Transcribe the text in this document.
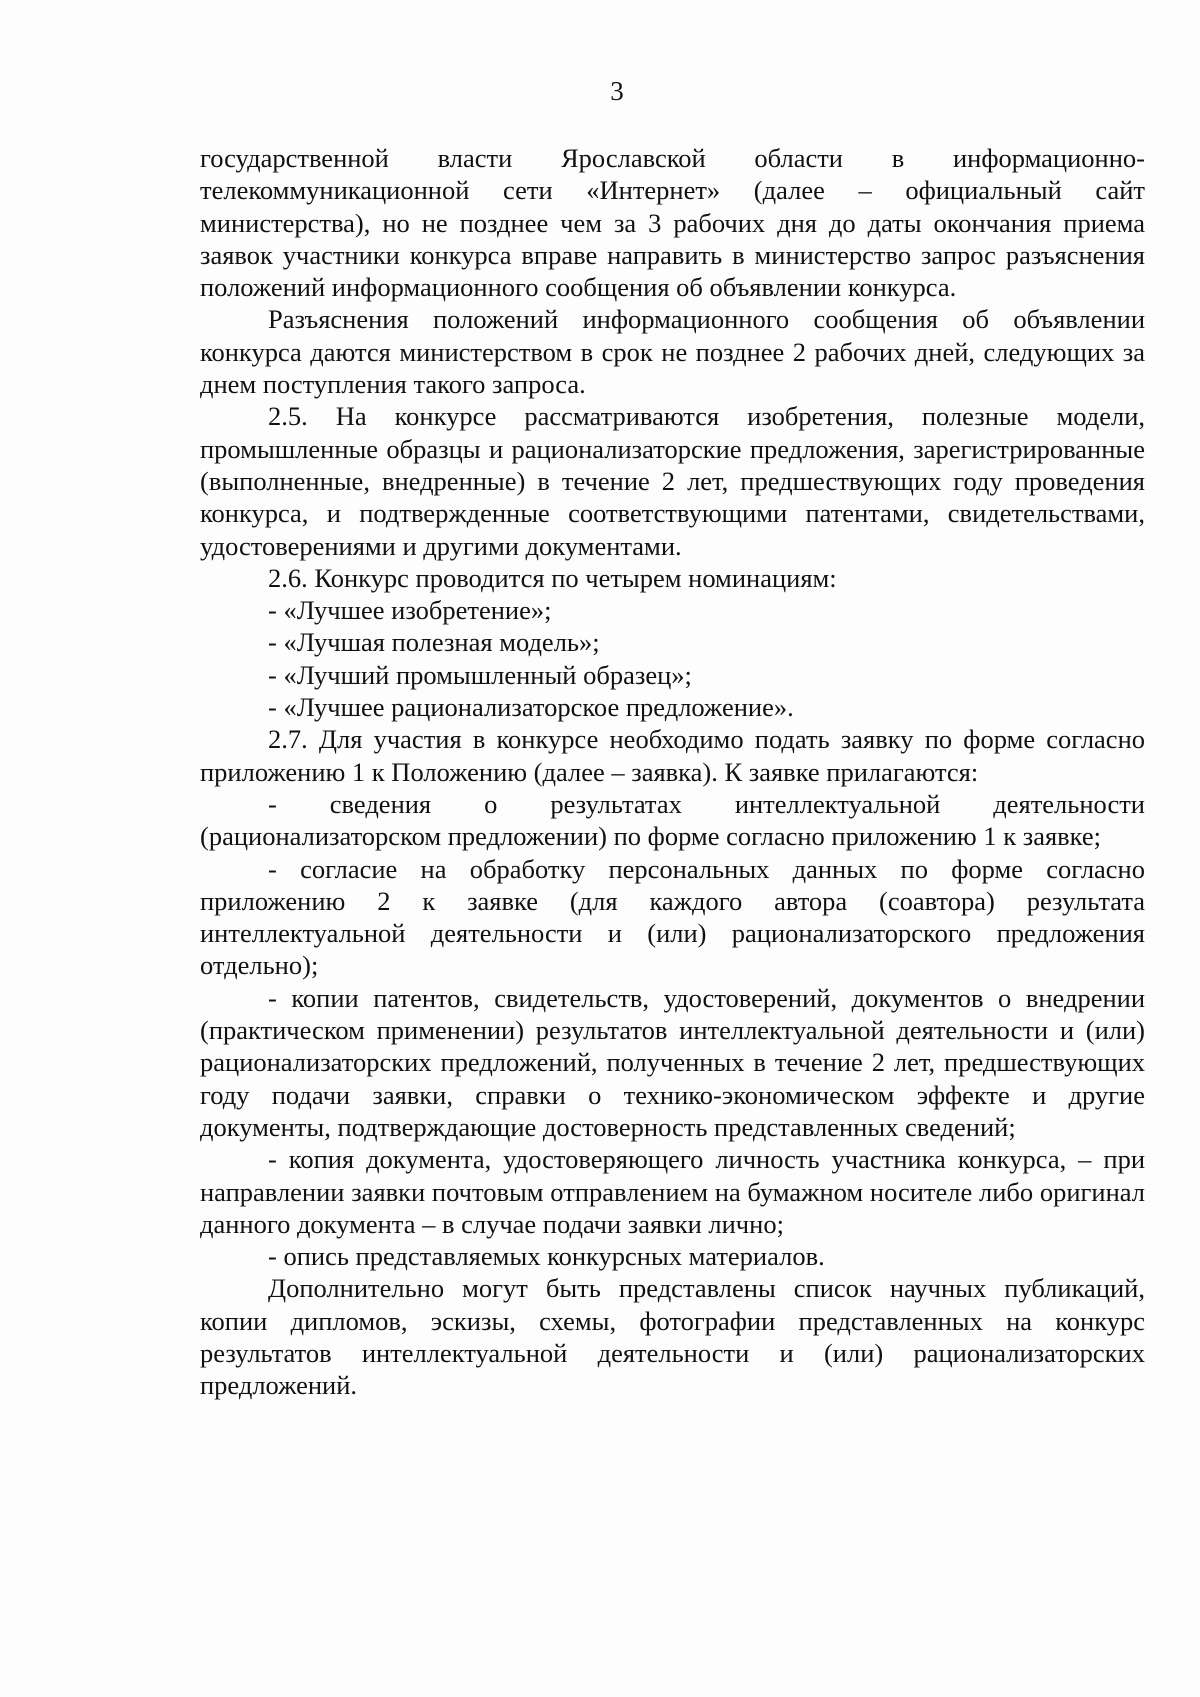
3

государственной власти Ярославской области в информационно-телекоммуникационной сети «Интернет» (далее – официальный сайт министерства), но не позднее чем за 3 рабочих дня до даты окончания приема заявок участники конкурса вправе направить в министерство запрос разъяснения положений информационного сообщения об объявлении конкурса.

Разъяснения положений информационного сообщения об объявлении конкурса даются министерством в срок не позднее 2 рабочих дней, следующих за днем поступления такого запроса.

2.5. На конкурсе рассматриваются изобретения, полезные модели, промышленные образцы и рационализаторские предложения, зарегистрированные (выполненные, внедренные) в течение 2 лет, предшествующих году проведения конкурса, и подтвержденные соответствующими патентами, свидетельствами, удостоверениями и другими документами.

2.6. Конкурс проводится по четырем номинациям:

- «Лучшее изобретение»;

- «Лучшая полезная модель»;

- «Лучший промышленный образец»;

- «Лучшее рационализаторское предложение».

2.7. Для участия в конкурсе необходимо подать заявку по форме согласно приложению 1 к Положению (далее – заявка). К заявке прилагаются:

- сведения о результатах интеллектуальной деятельности (рационализаторском предложении) по форме согласно приложению 1 к заявке;

- согласие на обработку персональных данных по форме согласно приложению 2 к заявке (для каждого автора (соавтора) результата интеллектуальной деятельности и (или) рационализаторского предложения отдельно);

- копии патентов, свидетельств, удостоверений, документов о внедрении (практическом применении) результатов интеллектуальной деятельности и (или) рационализаторских предложений, полученных в течение 2 лет, предшествующих году подачи заявки, справки о технико-экономическом эффекте и другие документы, подтверждающие достоверность представленных сведений;

- копия документа, удостоверяющего личность участника конкурса, – при направлении заявки почтовым отправлением на бумажном носителе либо оригинал данного документа – в случае подачи заявки лично;

- опись представляемых конкурсных материалов.

Дополнительно могут быть представлены список научных публикаций, копии дипломов, эскизы, схемы, фотографии представленных на конкурс результатов интеллектуальной деятельности и (или) рационализаторских предложений.
